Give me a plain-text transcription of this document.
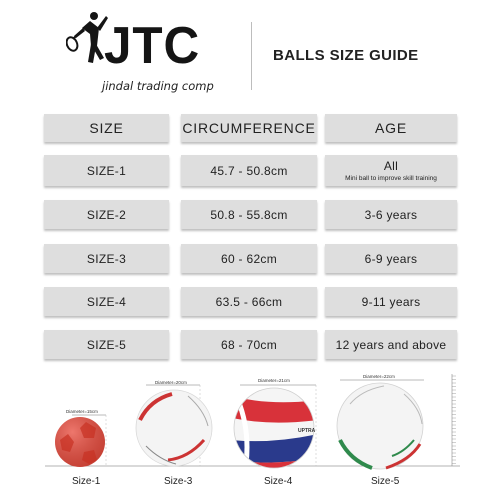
JTC
jindal trading comp
BALLS SIZE GUIDE
SIZE	CIRCUMFERENCE	AGE
SIZE-1	45.7 - 50.8cm	All
Mini ball to improve skill training
SIZE-2	50.8 - 55.8cm	3-6 years
SIZE-3	60 - 62cm	6-9 years
SIZE-4	63.5 - 66cm	9-11 years
SIZE-5	68 - 70cm	12 years and above
UPTRA
Diameter=15cm
Diameter=20cm	Diameter=21cm
Diameter=22cm
Size-1	Size-3	Size-4	Size-5
